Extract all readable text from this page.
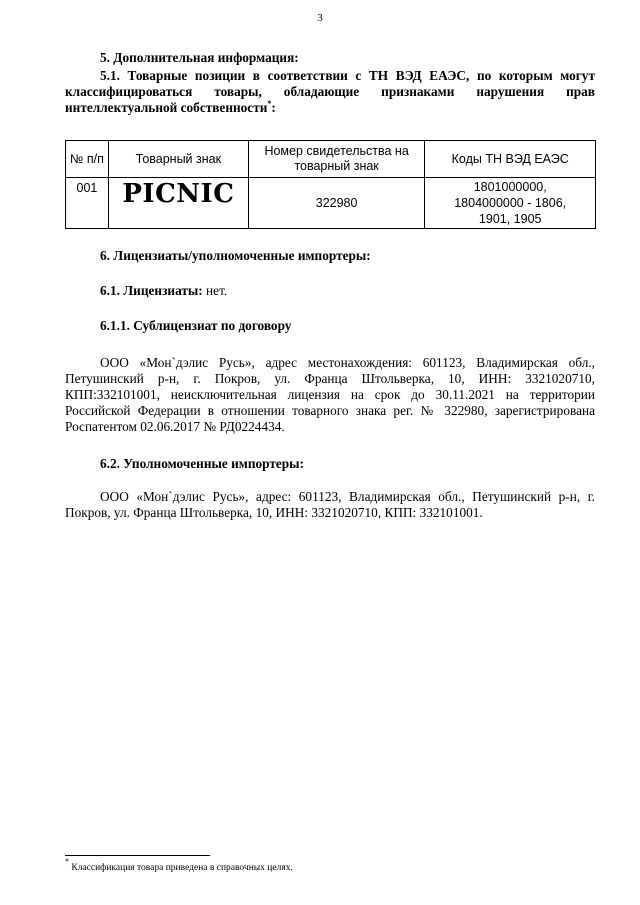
3
5. Дополнительная информация:
5.1. Товарные позиции в соответствии с ТН ВЭД ЕАЭС, по которым могут классифицироваться товары, обладающие признаками нарушения прав интеллектуальной собственности*:
№ п/п	Товарный знак	Номер свидетельства на товарный знак	Коды ТН ВЭД ЕАЭС
001	PICNIC	322980	1801000000,
1804000000 - 1806,
1901, 1905
6. Лицензиаты/уполномоченные импортеры:
6.1. Лицензиаты: нет.
6.1.1. Сублицензиат по договору
ООО «Мон`дэлис Русь», адрес местонахождения: 601123, Владимирская обл., Петушинский р-н, г. Покров, ул. Франца Штольверка, 10, ИНН: 3321020710, КПП:332101001, неисключительная лицензия на срок до 30.11.2021 на территории Российской Федерации в отношении товарного знака рег. № 322980, зарегистрирована Роспатентом 02.06.2017 № РД0224434.
6.2. Уполномоченные импортеры:
ООО «Мон`дэлис Русь», адрес: 601123, Владимирская обл., Петушинский р-н, г. Покров, ул. Франца Штольверка, 10, ИНН: 3321020710, КПП: 332101001.
* Классификация товара приведена в справочных целях.
